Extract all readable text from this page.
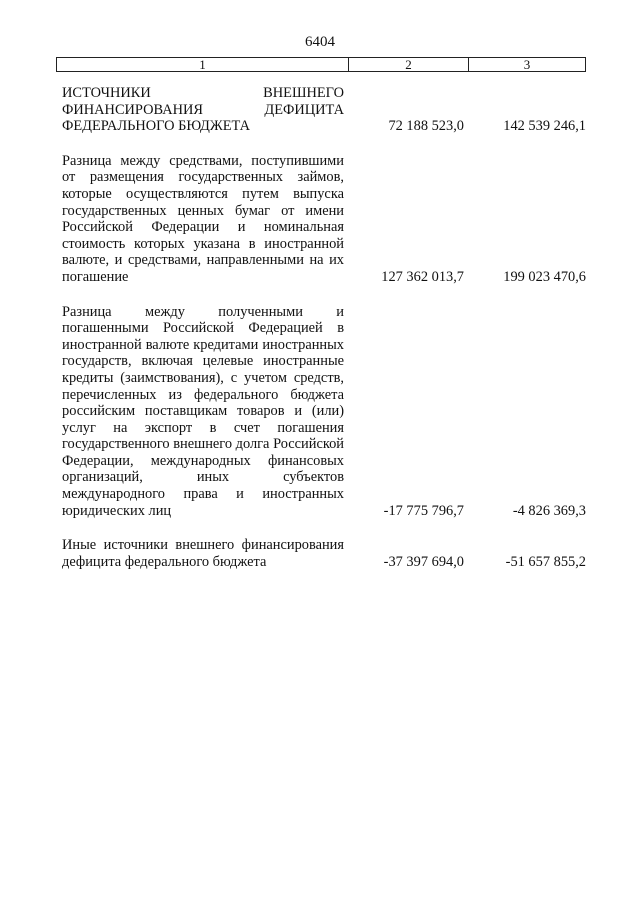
6404
1	2	3
ИСТОЧНИКИ ВНЕШНЕГО ФИНАНСИРОВАНИЯ ДЕФИЦИТА ФЕДЕРАЛЬНОГО БЮДЖЕТА	72 188 523,0	142 539 246,1
Разница между средствами, поступившими от размещения государственных займов, которые осуществляются путем выпуска государственных ценных бумаг от имени Российской Федерации и номинальная стоимость которых указана в иностранной валюте, и средствами, направленными на их погашение	127 362 013,7	199 023 470,6
Разница между полученными и погашенными Российской Федерацией в иностранной валюте кредитами иностранных государств, включая целевые иностранные кредиты (заимствования), с учетом средств, перечисленных из федерального бюджета российским поставщикам товаров и (или) услуг на экспорт в счет погашения государственного внешнего долга Российской Федерации, международных финансовых организаций, иных субъектов международного права и иностранных юридических лиц	-17 775 796,7	-4 826 369,3
Иные источники внешнего финансирования дефицита федерального бюджета	-37 397 694,0	-51 657 855,2
